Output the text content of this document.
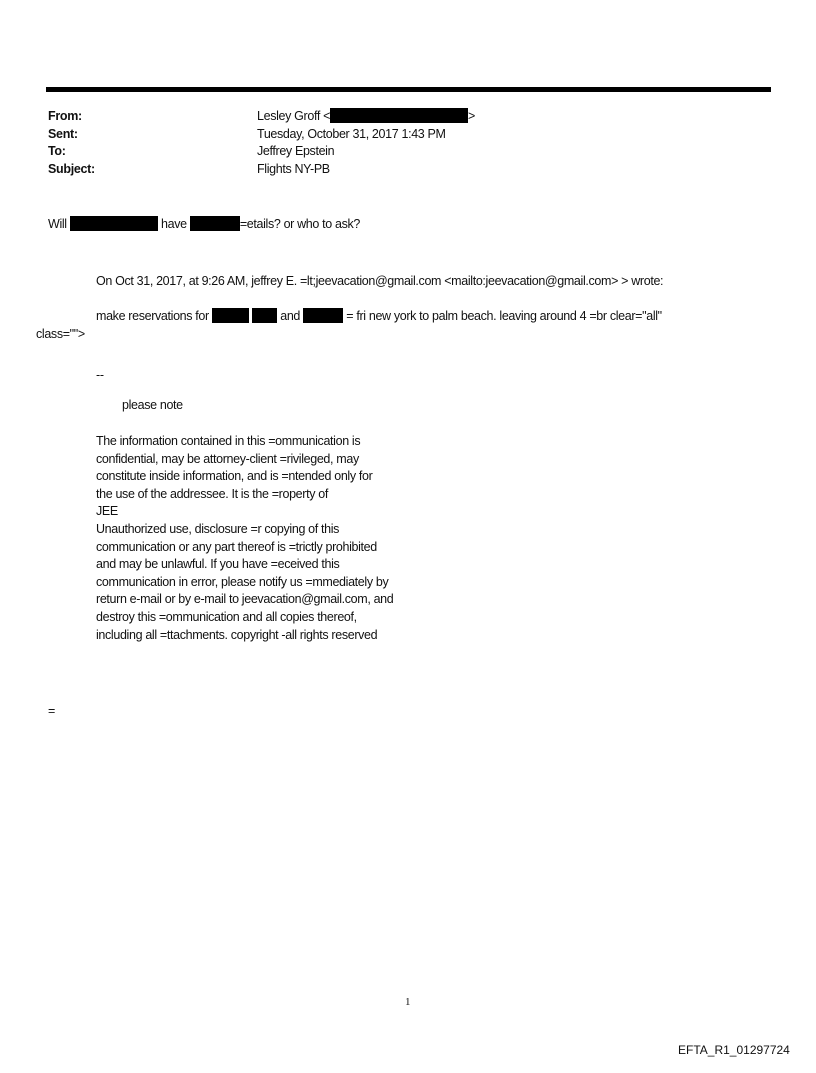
From:	Lesley Groff <	>
Sent:	Tuesday, October 31, 2017 1:43 PM
To:	Jeffrey Epstein
Subject:	Flights NY-PB
Will	have	=etails? or who to ask?
On Oct 31, 2017, at 9:26 AM, jeffrey E. =lt;jeevacation@gmail.com <mailto:jeevacation@gmail.com> > wrote:
make reservations for	and	= fri new york to palm beach. leaving around 4 =br clear="all"
class="">
--
please note
The information contained in this =ommunication is
confidential, may be attorney-client =rivileged, may
constitute inside information, and is =ntended only for
the use of the addressee. It is the =roperty of
JEE
Unauthorized use, disclosure =r copying of this
communication or any part thereof is =trictly prohibited
and may be unlawful. If you have =eceived this
communication in error, please notify us =mmediately by
return e-mail or by e-mail to jeevacation@gmail.com, and
destroy this =ommunication and all copies thereof,
including all =ttachments. copyright -all rights reserved
=
1
EFTA_R1_01297724
